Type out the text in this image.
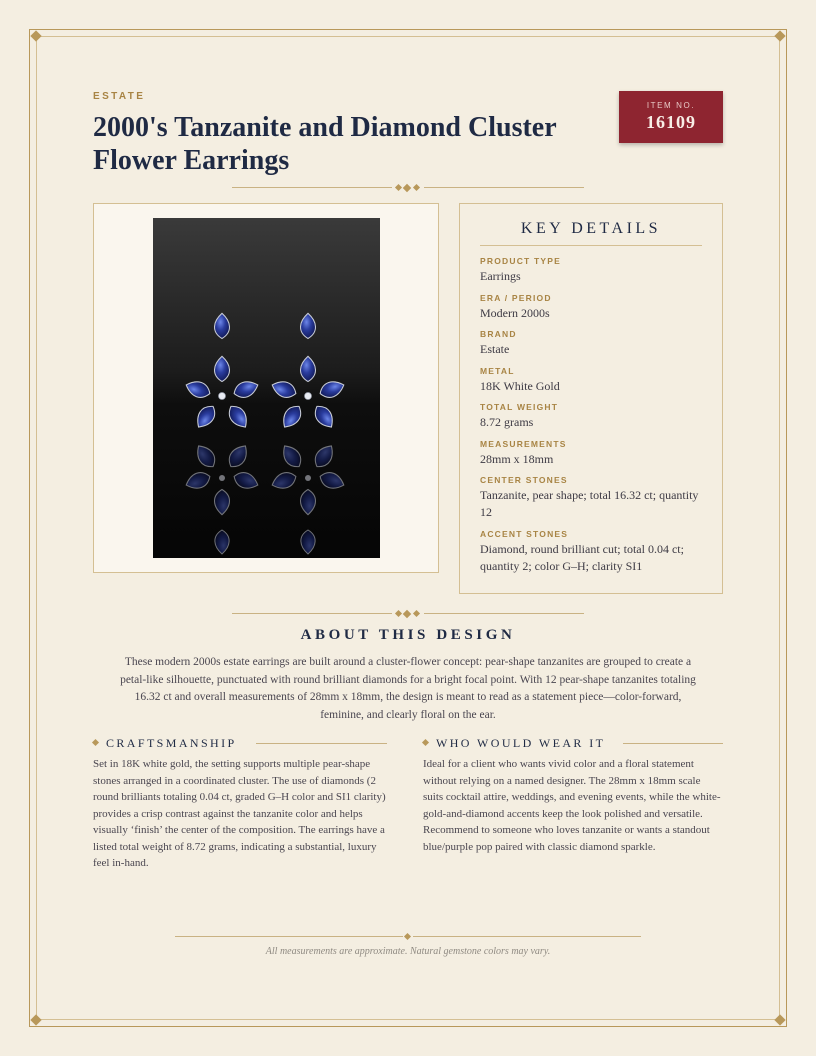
ESTATE
2000's Tanzanite and Diamond Cluster Flower Earrings
ITEM NO.
16109
KEY DETAILS
PRODUCT TYPE
Earrings
ERA / PERIOD
Modern 2000s
BRAND
Estate
METAL
18K White Gold
TOTAL WEIGHT
8.72 grams
MEASUREMENTS
28mm x 18mm
CENTER STONES
Tanzanite, pear shape; total 16.32 ct; quantity 12
ACCENT STONES
Diamond, round brilliant cut; total 0.04 ct; quantity 2; color G–H; clarity SI1
ABOUT THIS DESIGN

These modern 2000s estate earrings are built around a cluster-flower concept: pear-shape tanzanites are grouped to create a petal-like silhouette, punctuated with round brilliant diamonds for a bright focal point. With 12 pear-shape tanzanites totaling 16.32 ct and overall measurements of 28mm x 18mm, the design is meant to read as a statement piece—color-forward, feminine, and clearly floral on the ear.

CRAFTSMANSHIP

Set in 18K white gold, the setting supports multiple pear-shape stones arranged in a coordinated cluster. The use of diamonds (2 round brilliants totaling 0.04 ct, graded G–H color and SI1 clarity) provides a crisp contrast against the tanzanite color and helps visually ‘finish’ the center of the composition. The earrings have a listed total weight of 8.72 grams, indicating a substantial, luxury feel in-hand.

WHO WOULD WEAR IT

Ideal for a client who wants vivid color and a floral statement without relying on a named designer. The 28mm x 18mm scale suits cocktail attire, weddings, and evening events, while the white-gold-and-diamond accents keep the look polished and versatile. Recommend to someone who loves tanzanite or wants a standout blue/purple pop paired with classic diamond sparkle.

All measurements are approximate. Natural gemstone colors may vary.
